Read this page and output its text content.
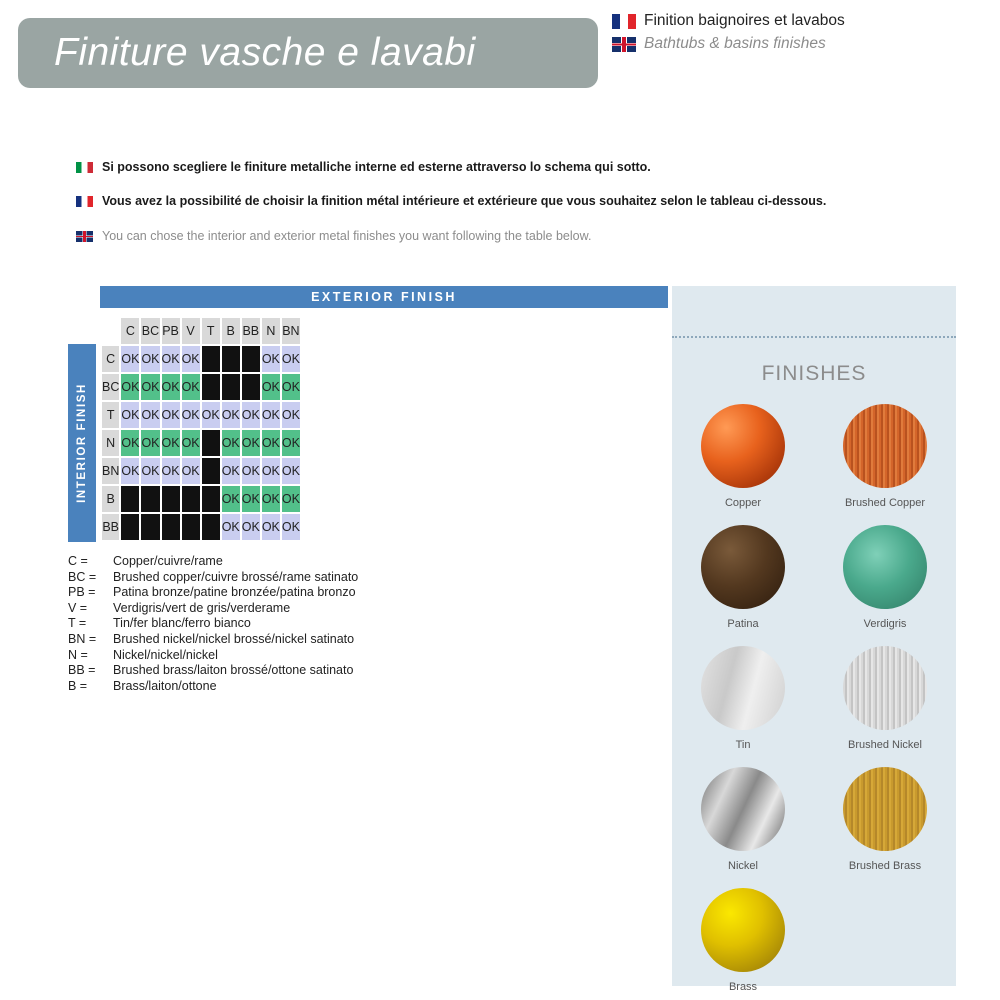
Finiture vasche e lavabi
Finition baignoires et lavabos
Bathtubs & basins finishes
Si possono scegliere le finiture metalliche interne ed esterne attraverso lo schema qui sotto.
Vous avez la possibilité de choisir la finition métal intérieure et extérieure que vous souhaitez selon le tableau ci-dessous.
You can chose the interior and exterior metal finishes you want following the table below.
EXTERIOR FINISH
INTERIOR FINISH
	C	BC	PB	V	T	B	BB	N	BN
C	OK	OK	OK	OK				OK	OK
BC	OK	OK	OK	OK				OK	OK
T	OK	OK	OK	OK	OK	OK	OK	OK	OK
N	OK	OK	OK	OK		OK	OK	OK	OK
BN	OK	OK	OK	OK		OK	OK	OK	OK
B						OK	OK	OK	OK
BB						OK	OK	OK	OK
C =	Copper/cuivre/rame
BC =	Brushed copper/cuivre brossé/rame satinato
PB =	Patina bronze/patine bronzée/patina bronzo
V =	Verdigris/vert de gris/verderame
T =	Tin/fer blanc/ferro bianco
BN =	Brushed nickel/nickel brossé/nickel satinato
N =	Nickel/nickel/nickel
BB =	Brushed brass/laiton brossé/ottone satinato
B =	Brass/laiton/ottone
FINISHES
Copper	Brushed Copper
Patina	Verdigris
Tin	Brushed Nickel
Nickel	Brushed Brass
Brass
